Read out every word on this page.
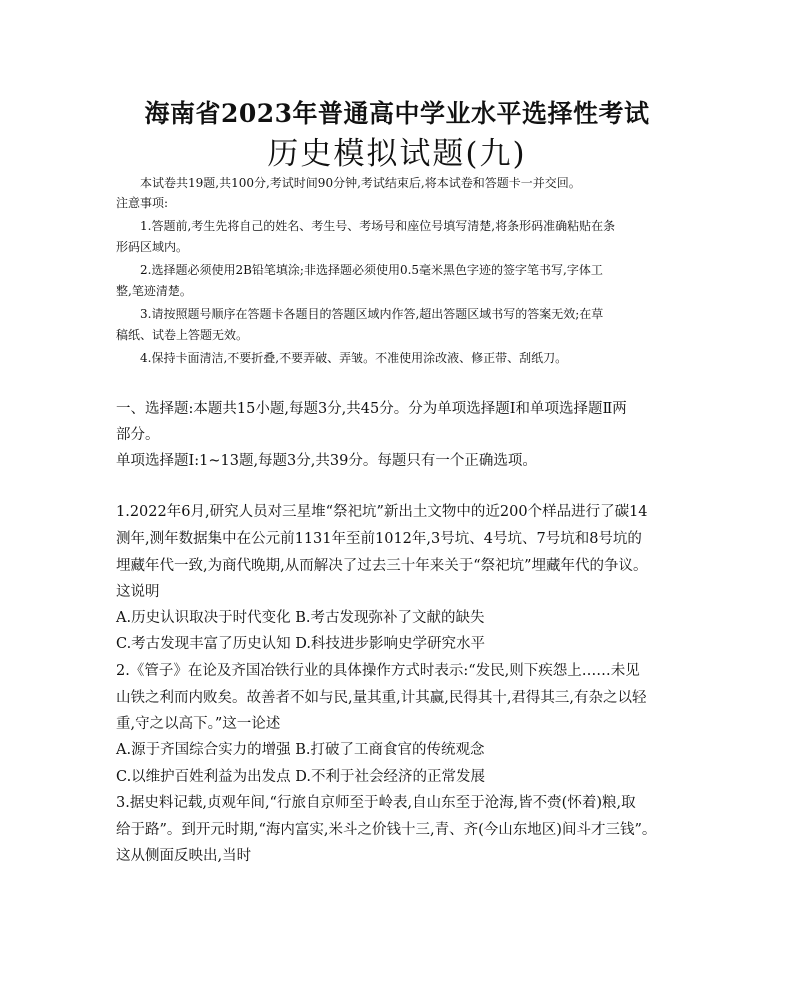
海南省2023年普通高中学业水平选择性考试
历史模拟试题(九)
本试卷共19题,共100分,考试时间90分钟,考试结束后,将本试卷和答题卡一并交回。
注意事项:
1.答题前,考生先将自己的姓名、考生号、考场号和座位号填写清楚,将条形码准确粘贴在条
形码区域内。
2.选择题必须使用2B铅笔填涂;非选择题必须使用0.5毫米黑色字迹的签字笔书写,字体工
整,笔迹清楚。
3.请按照题号顺序在答题卡各题目的答题区域内作答,超出答题区域书写的答案无效;在草
稿纸、试卷上答题无效。
4.保持卡面清洁,不要折叠,不要弄破、弄皱。不准使用涂改液、修正带、刮纸刀。
一、选择题:本题共15小题,每题3分,共45分。分为单项选择题Ⅰ和单项选择题Ⅱ两
部分。
单项选择题Ⅰ:1~13题,每题3分,共39分。每题只有一个正确选项。
1.2022年6月,研究人员对三星堆“祭祀坑”新出土文物中的近200个样品进行了碳14
测年,测年数据集中在公元前1131年至前1012年,3号坑、4号坑、7号坑和8号坑的
埋藏年代一致,为商代晚期,从而解决了过去三十年来关于“祭祀坑”埋藏年代的争议。
这说明
A.历史认识取决于时代变化 B.考古发现弥补了文献的缺失
C.考古发现丰富了历史认知 D.科技进步影响史学研究水平
2.《管子》在论及齐国冶铁行业的具体操作方式时表示:“发民,则下疾怨上……未见
山铁之利而内败矣。故善者不如与民,量其重,计其赢,民得其十,君得其三,有杂之以轻
重,守之以高下。”这一论述
A.源于齐国综合实力的增强 B.打破了工商食官的传统观念
C.以维护百姓利益为出发点 D.不利于社会经济的正常发展
3.据史料记载,贞观年间,“行旅自京师至于岭表,自山东至于沧海,皆不赍(怀着)粮,取
给于路”。到开元时期,“海内富实,米斗之价钱十三,青、齐(今山东地区)间斗才三钱”。
这从侧面反映出,当时
